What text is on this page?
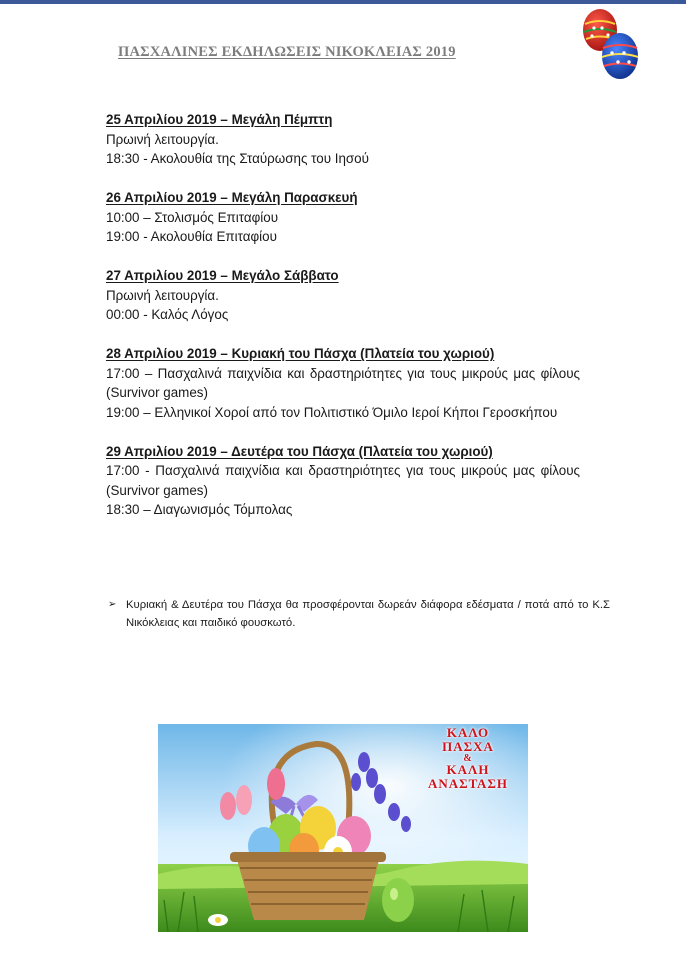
ΠΑΣΧΑΛΙΝΕΣ ΕΚΔΗΛΩΣΕΙΣ ΝΙΚΟΚΛΕΙΑΣ 2019
25 Απριλίου 2019 – Μεγάλη Πέμπτη
Πρωινή λειτουργία.
18:30 - Ακολουθία της Σταύρωσης του Ιησού
26 Απριλίου 2019 – Μεγάλη Παρασκευή
10:00 – Στολισμός Επιταφίου
19:00 - Ακολουθία Επιταφίου
27 Απριλίου 2019 – Μεγάλο Σάββατο
Πρωινή λειτουργία.
00:00 - Καλός Λόγος
28 Απριλίου 2019 – Κυριακή του Πάσχα (Πλατεία του χωριού)
17:00 – Πασχαλινά παιχνίδια και δραστηριότητες για τους μικρούς μας φίλους (Survivor games)
19:00 – Ελληνικοί Χοροί από τον Πολιτιστικό Όμιλο Ιεροί Κήποι Γεροσκήπου
29 Απριλίου 2019 – Δευτέρα του Πάσχα (Πλατεία του χωριού)
17:00 - Πασχαλινά παιχνίδια και δραστηριότητες για τους μικρούς μας φίλους (Survivor games)
18:30 – Διαγωνισμός Τόμπολας
➢ Κυριακή & Δευτέρα του Πάσχα θα προσφέρονται δωρεάν διάφορα εδέσματα / ποτά από το Κ.Σ Νικόκλειας και παιδικό φουσκωτό.
ΚΑΛΟ
ΠΑΣΧΑ
&
ΚΑΛΗ
ΑΝΑΣΤΑΣΗ
